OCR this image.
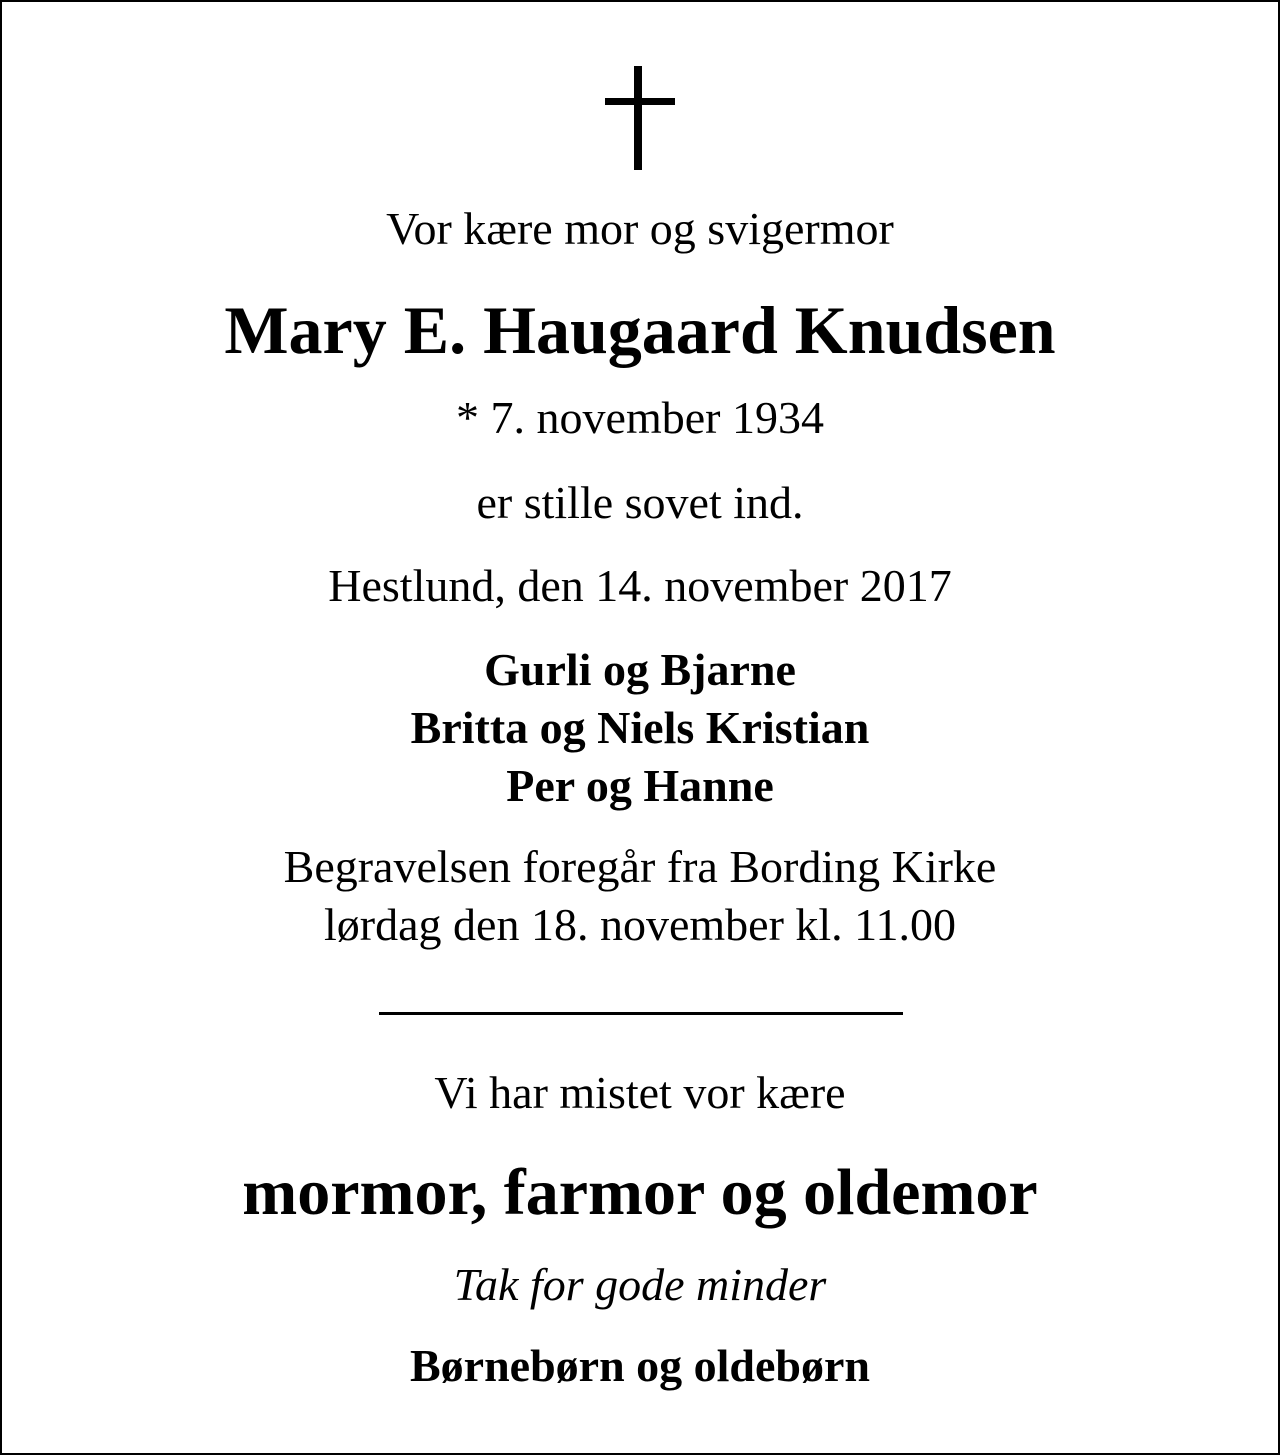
Vor kære mor og svigermor
Mary E. Haugaard Knudsen
* 7. november 1934
er stille sovet ind.
Hestlund, den 14. november 2017
Gurli og Bjarne
Britta og Niels Kristian
Per og Hanne
Begravelsen foregår fra Bording Kirke
lørdag den 18. november kl. 11.00
Vi har mistet vor kære
mormor, farmor og oldemor
Tak for gode minder
Børnebørn og oldebørn
